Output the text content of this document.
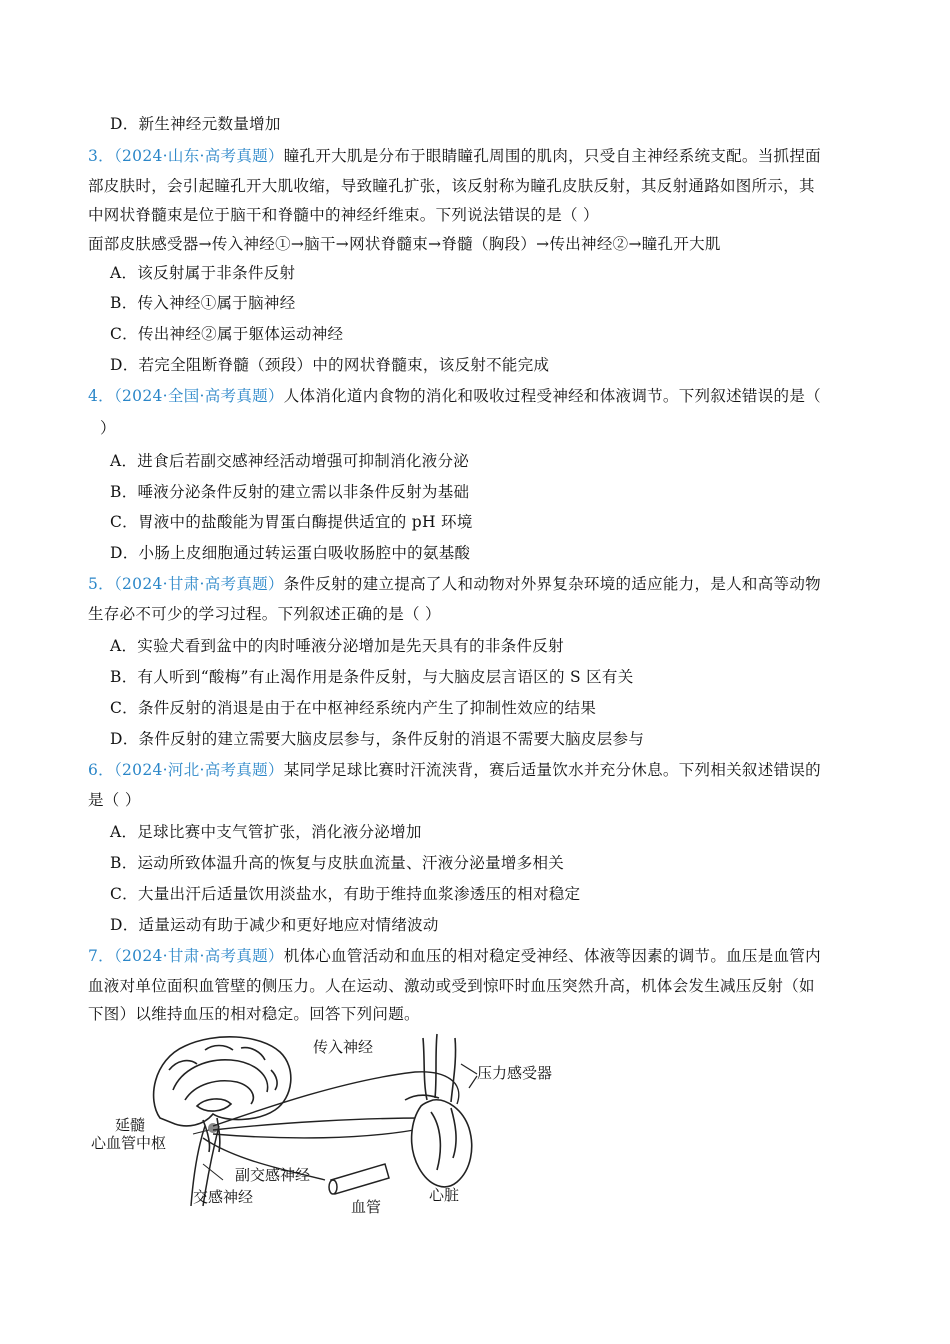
D．新生神经元数量增加
3．（2024·山东·高考真题）瞳孔开大肌是分布于眼睛瞳孔周围的肌肉，只受自主神经系统支配。当抓捏面
部皮肤时，会引起瞳孔开大肌收缩，导致瞳孔扩张，该反射称为瞳孔皮肤反射，其反射通路如图所示，其
中网状脊髓束是位于脑干和脊髓中的神经纤维束。下列说法错误的是（ ）
面部皮肤感受器→传入神经①→脑干→网状脊髓束→脊髓（胸段）→传出神经②→瞳孔开大肌
A．该反射属于非条件反射
B．传入神经①属于脑神经
C．传出神经②属于躯体运动神经
D．若完全阻断脊髓（颈段）中的网状脊髓束，该反射不能完成
4．（2024·全国·高考真题）人体消化道内食物的消化和吸收过程受神经和体液调节。下列叙述错误的是（
）
A．进食后若副交感神经活动增强可抑制消化液分泌
B．唾液分泌条件反射的建立需以非条件反射为基础
C．胃液中的盐酸能为胃蛋白酶提供适宜的 pH 环境
D．小肠上皮细胞通过转运蛋白吸收肠腔中的氨基酸
5．（2024·甘肃·高考真题）条件反射的建立提高了人和动物对外界复杂环境的适应能力，是人和高等动物
生存必不可少的学习过程。下列叙述正确的是（ ）
A．实验犬看到盆中的肉时唾液分泌增加是先天具有的非条件反射
B．有人听到“酸梅”有止渴作用是条件反射，与大脑皮层言语区的 S 区有关
C．条件反射的消退是由于在中枢神经系统内产生了抑制性效应的结果
D．条件反射的建立需要大脑皮层参与，条件反射的消退不需要大脑皮层参与
6．（2024·河北·高考真题）某同学足球比赛时汗流浃背，赛后适量饮水并充分休息。下列相关叙述错误的
是（ ）
A．足球比赛中支气管扩张，消化液分泌增加
B．运动所致体温升高的恢复与皮肤血流量、汗液分泌量增多相关
C．大量出汗后适量饮用淡盐水，有助于维持血浆渗透压的相对稳定
D．适量运动有助于减少和更好地应对情绪波动
7．（2024·甘肃·高考真题）机体心血管活动和血压的相对稳定受神经、体液等因素的调节。血压是血管内
血液对单位面积血管壁的侧压力。人在运动、激动或受到惊吓时血压突然升高，机体会发生减压反射（如
下图）以维持血压的相对稳定。回答下列问题。
传入神经
压力感受器
延髓
心血管中枢
副交感神经
交感神经
血管
心脏
